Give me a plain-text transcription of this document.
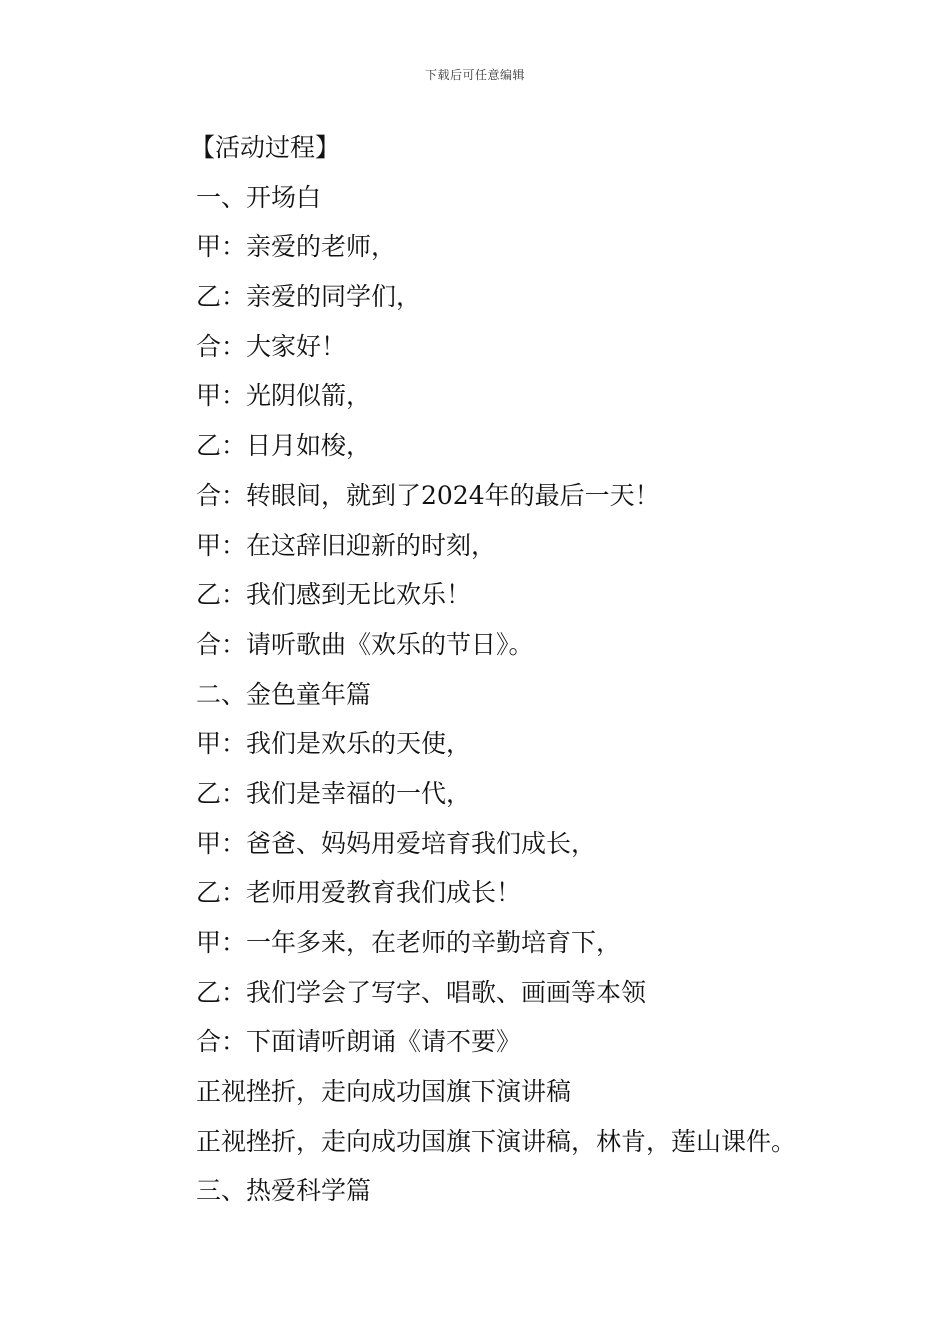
下载后可任意编辑
【活动过程】
一、开场白
甲：亲爱的老师，
乙：亲爱的同学们，
合：大家好！
甲：光阴似箭，
乙：日月如梭，
合：转眼间，就到了2024年的最后一天！
甲：在这辞旧迎新的时刻，
乙：我们感到无比欢乐！
合：请听歌曲《欢乐的节日》。
二、金色童年篇
甲：我们是欢乐的天使，
乙：我们是幸福的一代，
甲：爸爸、妈妈用爱培育我们成长，
乙：老师用爱教育我们成长！
甲：一年多来，在老师的辛勤培育下，
乙：我们学会了写字、唱歌、画画等本领
合：下面请听朗诵《请不要》
正视挫折，走向成功国旗下演讲稿
正视挫折，走向成功国旗下演讲稿，林肯，莲山课件。
三、热爱科学篇
